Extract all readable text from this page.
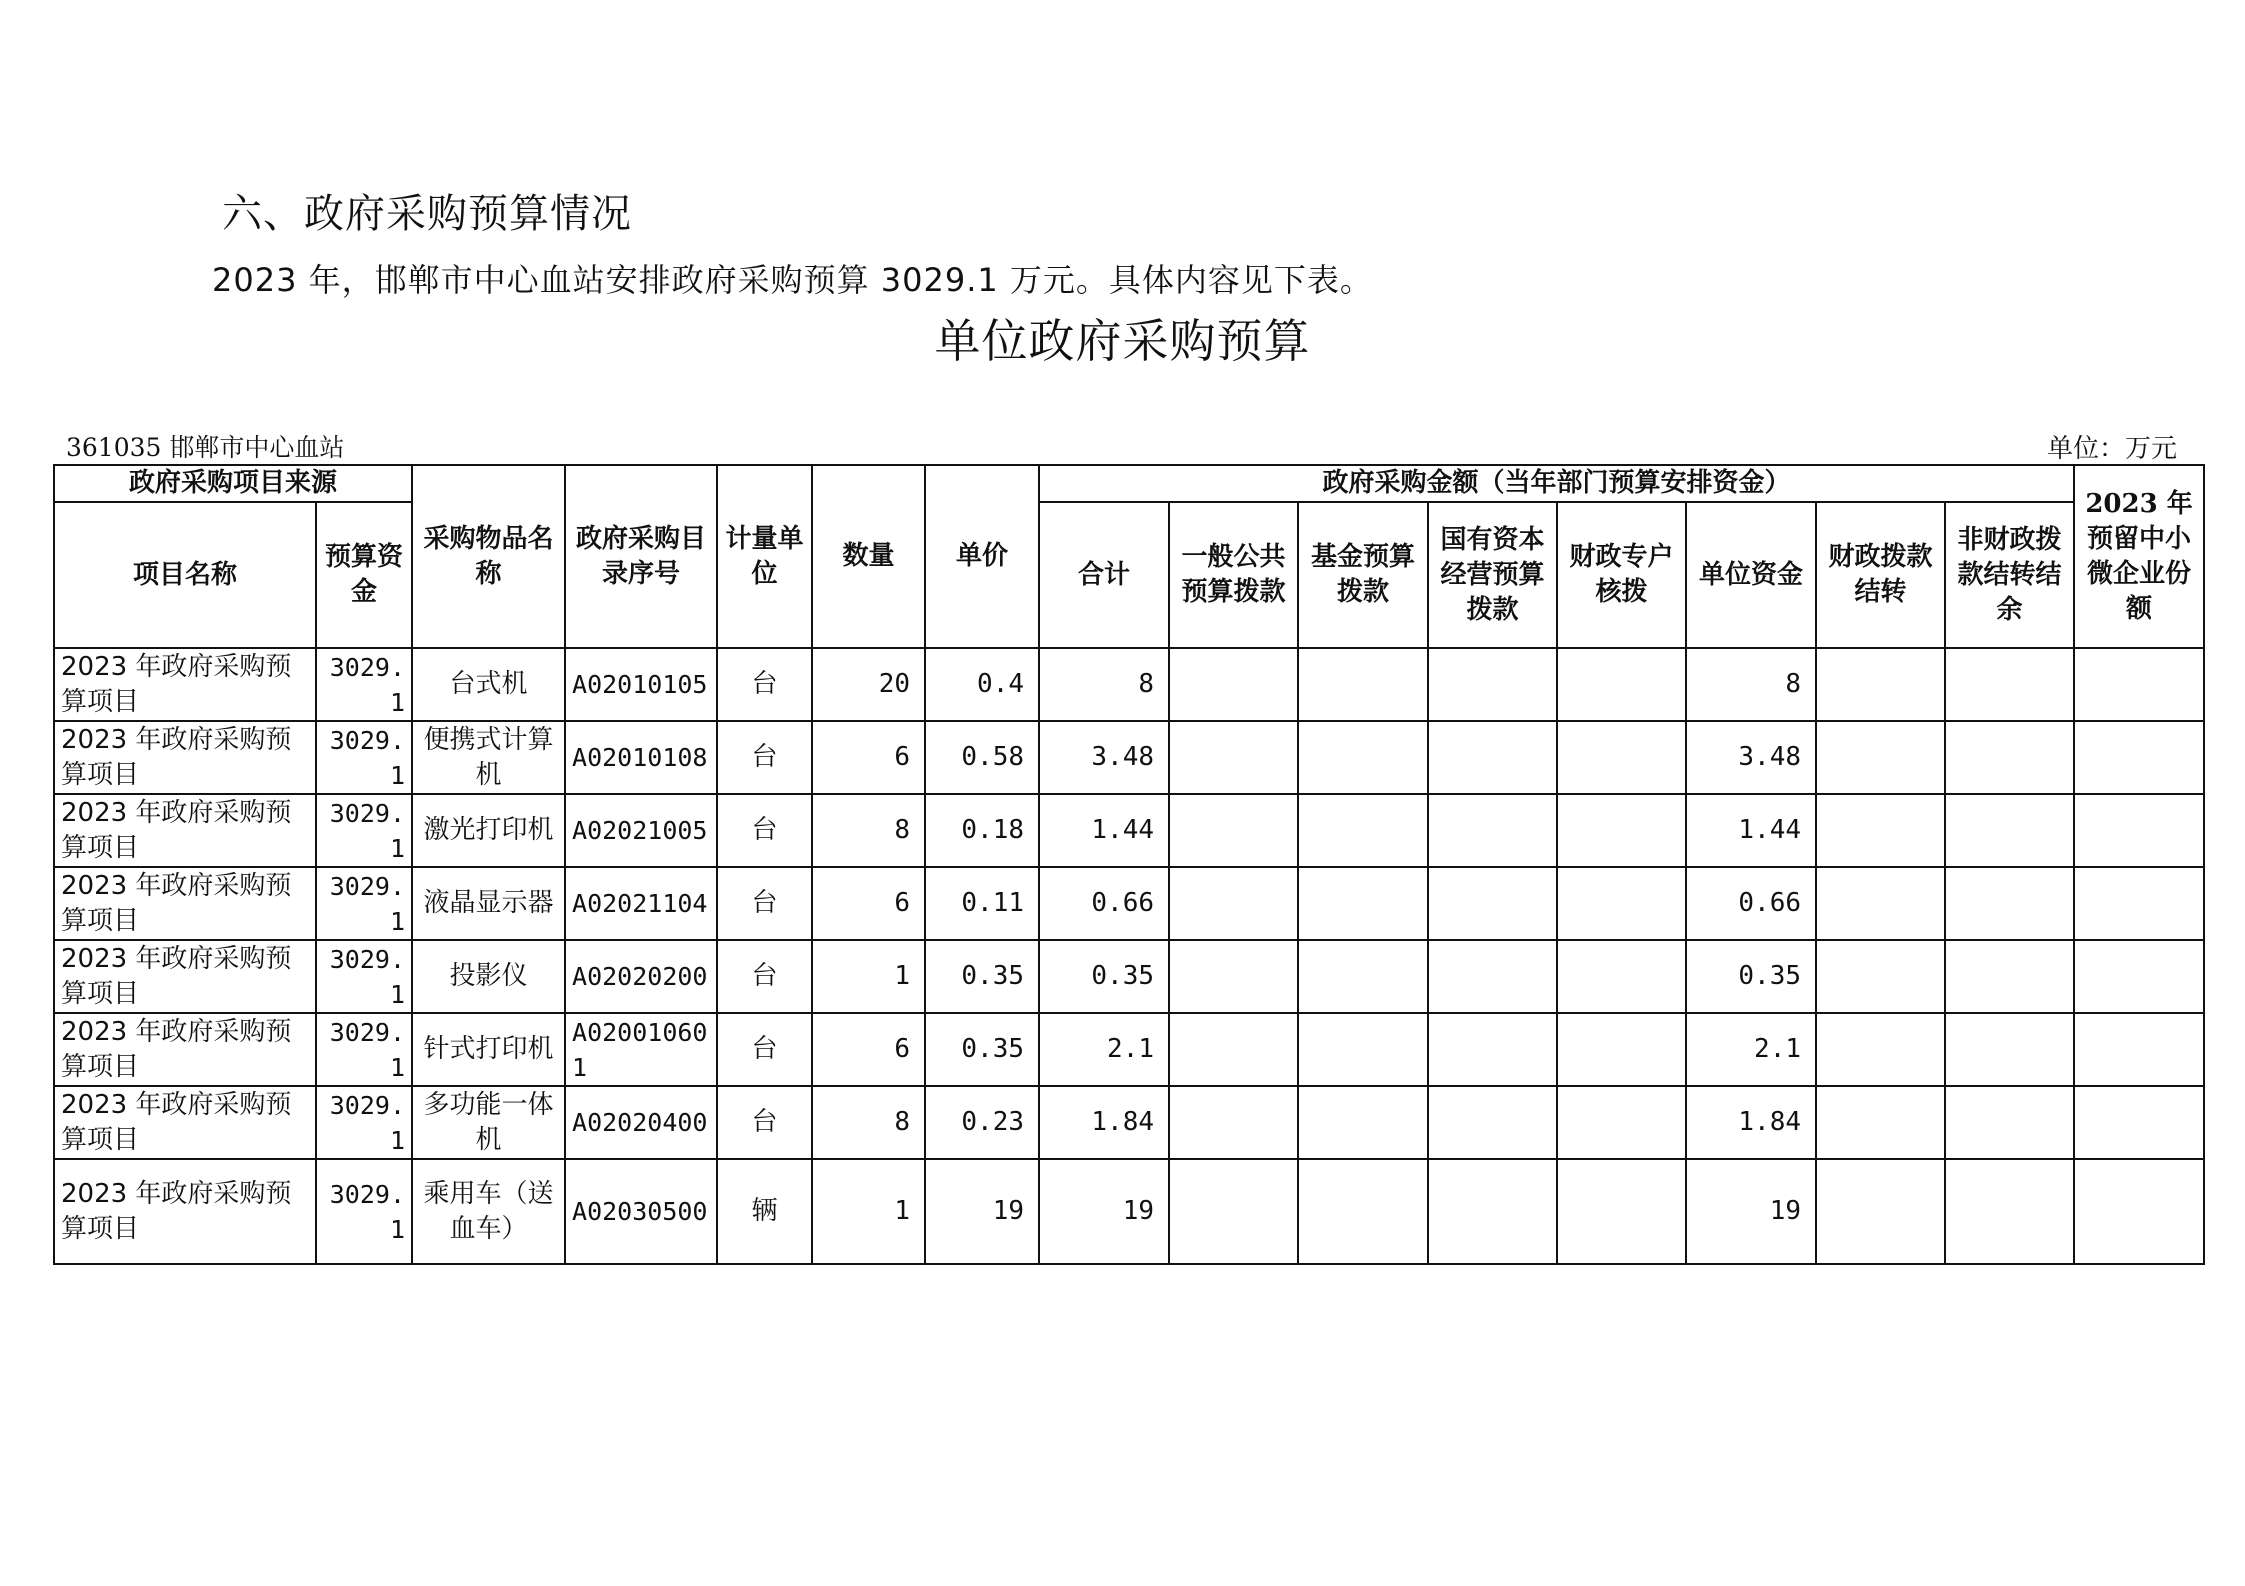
六、政府采购预算情况
2023 年，邯郸市中心血站安排政府采购预算 3029.1 万元。具体内容见下表。
单位政府采购预算
361035 邯郸市中心血站	单位：万元
政府采购项目来源		采购物品名称	政府采购目录序号	计量单位	数量	单价	政府采购金额（当年部门预算安排资金）								2023 年预留中小微企业份额
项目名称	预算资金						合计	一般公共预算拨款	基金预算拨款	国有资本经营预算拨款	财政专户核拨	单位资金	财政拨款结转	非财政拨款结转结余	
2023 年政府采购预算项目	3029.1	台式机	A02010105	台	20	0.4	8					8			
2023 年政府采购预算项目	3029.1	便携式计算机	A02010108	台	6	0.58	3.48					3.48			
2023 年政府采购预算项目	3029.1	激光打印机	A02021005	台	8	0.18	1.44					1.44			
2023 年政府采购预算项目	3029.1	液晶显示器	A02021104	台	6	0.11	0.66					0.66			
2023 年政府采购预算项目	3029.1	投影仪	A02020200	台	1	0.35	0.35					0.35			
2023 年政府采购预算项目	3029.1	针式打印机	A020010601	台	6	0.35	2.1					2.1			
2023 年政府采购预算项目	3029.1	多功能一体机	A02020400	台	8	0.23	1.84					1.84			
2023 年政府采购预算项目	3029.1	乘用车（送血车）	A02030500	辆	1	19	19					19			
